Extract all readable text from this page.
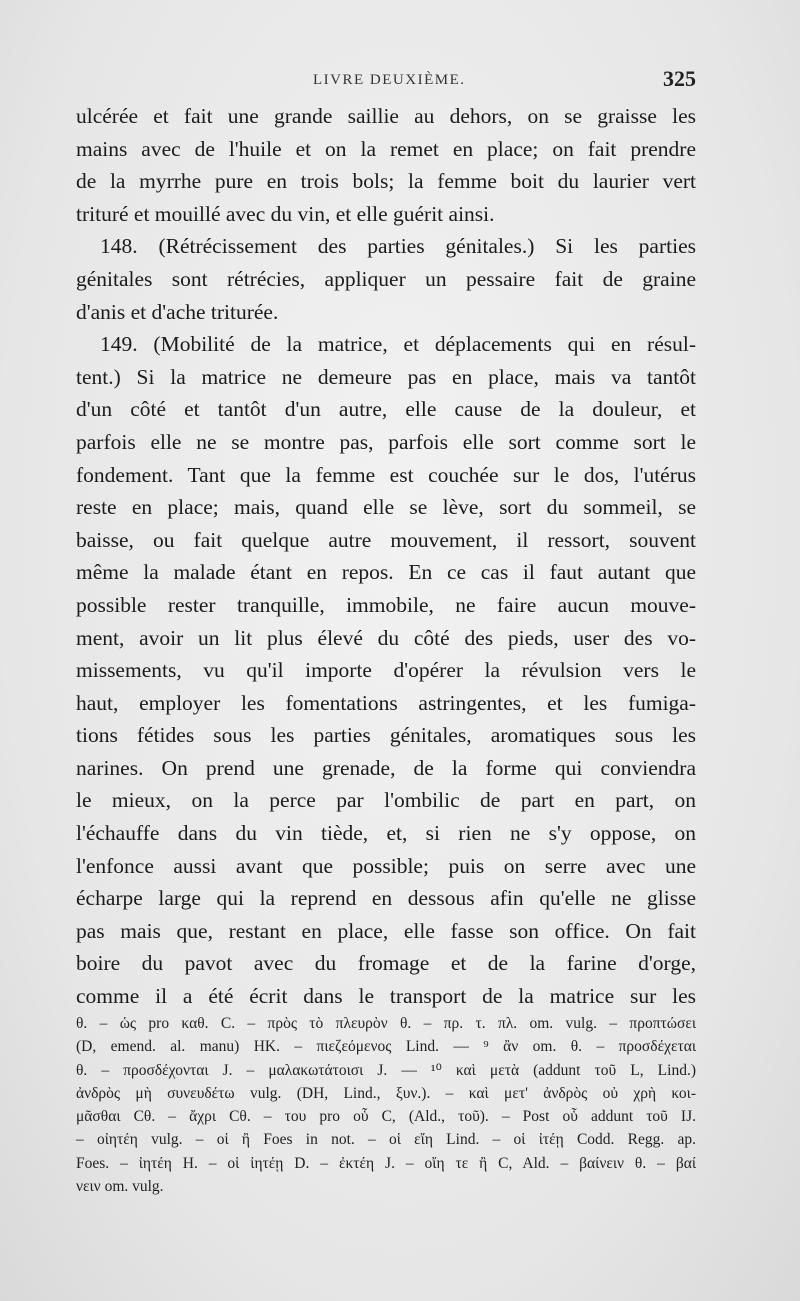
LIVRE DEUXIÈME.	325
ulcérée et fait une grande saillie au dehors, on se graisse les
mains avec de l'huile et on la remet en place; on fait prendre
de la myrrhe pure en trois bols; la femme boit du laurier vert
trituré et mouillé avec du vin, et elle guérit ainsi.
148. (Rétrécissement des parties génitales.) Si les parties
génitales sont rétrécies, appliquer un pessaire fait de graine
d'anis et d'ache triturée.
149. (Mobilité de la matrice, et déplacements qui en résul-
tent.) Si la matrice ne demeure pas en place, mais va tantôt
d'un côté et tantôt d'un autre, elle cause de la douleur, et
parfois elle ne se montre pas, parfois elle sort comme sort le
fondement. Tant que la femme est couchée sur le dos, l'utérus
reste en place; mais, quand elle se lève, sort du sommeil, se
baisse, ou fait quelque autre mouvement, il ressort, souvent
même la malade étant en repos. En ce cas il faut autant que
possible rester tranquille, immobile, ne faire aucun mouve-
ment, avoir un lit plus élevé du côté des pieds, user des vo-
missements, vu qu'il importe d'opérer la révulsion vers le
haut, employer les fomentations astringentes, et les fumiga-
tions fétides sous les parties génitales, aromatiques sous les
narines. On prend une grenade, de la forme qui conviendra
le mieux, on la perce par l'ombilic de part en part, on
l'échauffe dans du vin tiède, et, si rien ne s'y oppose, on
l'enfonce aussi avant que possible; puis on serre avec une
écharpe large qui la reprend en dessous afin qu'elle ne glisse
pas mais que, restant en place, elle fasse son office. On fait
boire du pavot avec du fromage et de la farine d'orge,
comme il a été écrit dans le transport de la matrice sur les
θ. – ὡς pro καθ. C. – πρὸς τὸ πλευρὸν θ. – πρ. τ. πλ. om. vulg. – προπτώσει
(D, emend. al. manu) HK. – πιεζεόμενος Lind. — ⁹ ἂν om. θ. – προσδέχεται
θ. – προσδέχονται J. – μαλακωτάτοισι J. — ¹⁰ καὶ μετὰ (addunt τοῦ L, Lind.)
ἀνδρὸς μὴ συνευδέτω vulg. (DH, Lind., ξυν.). – καὶ μετ' ἀνδρὸς οὐ χρὴ κοι-
μᾶσθαι Cθ. – ἄχρι Cθ. – του pro οὗ C, (Ald., τοῦ). – Post οὗ addunt τοῦ IJ.
– οἰητέη vulg. – οἱ ἢ Foes in not. – οἱ εἴη Lind. – οἱ ἰτέῃ Codd. Regg. ap.
Foes. – ἰητέη H. – οἱ ἰητέῃ D. – ἐκτέη J. – οἴη τε ἢ C, Ald. – βαίνειν θ. – βαί
νειν om. vulg.
